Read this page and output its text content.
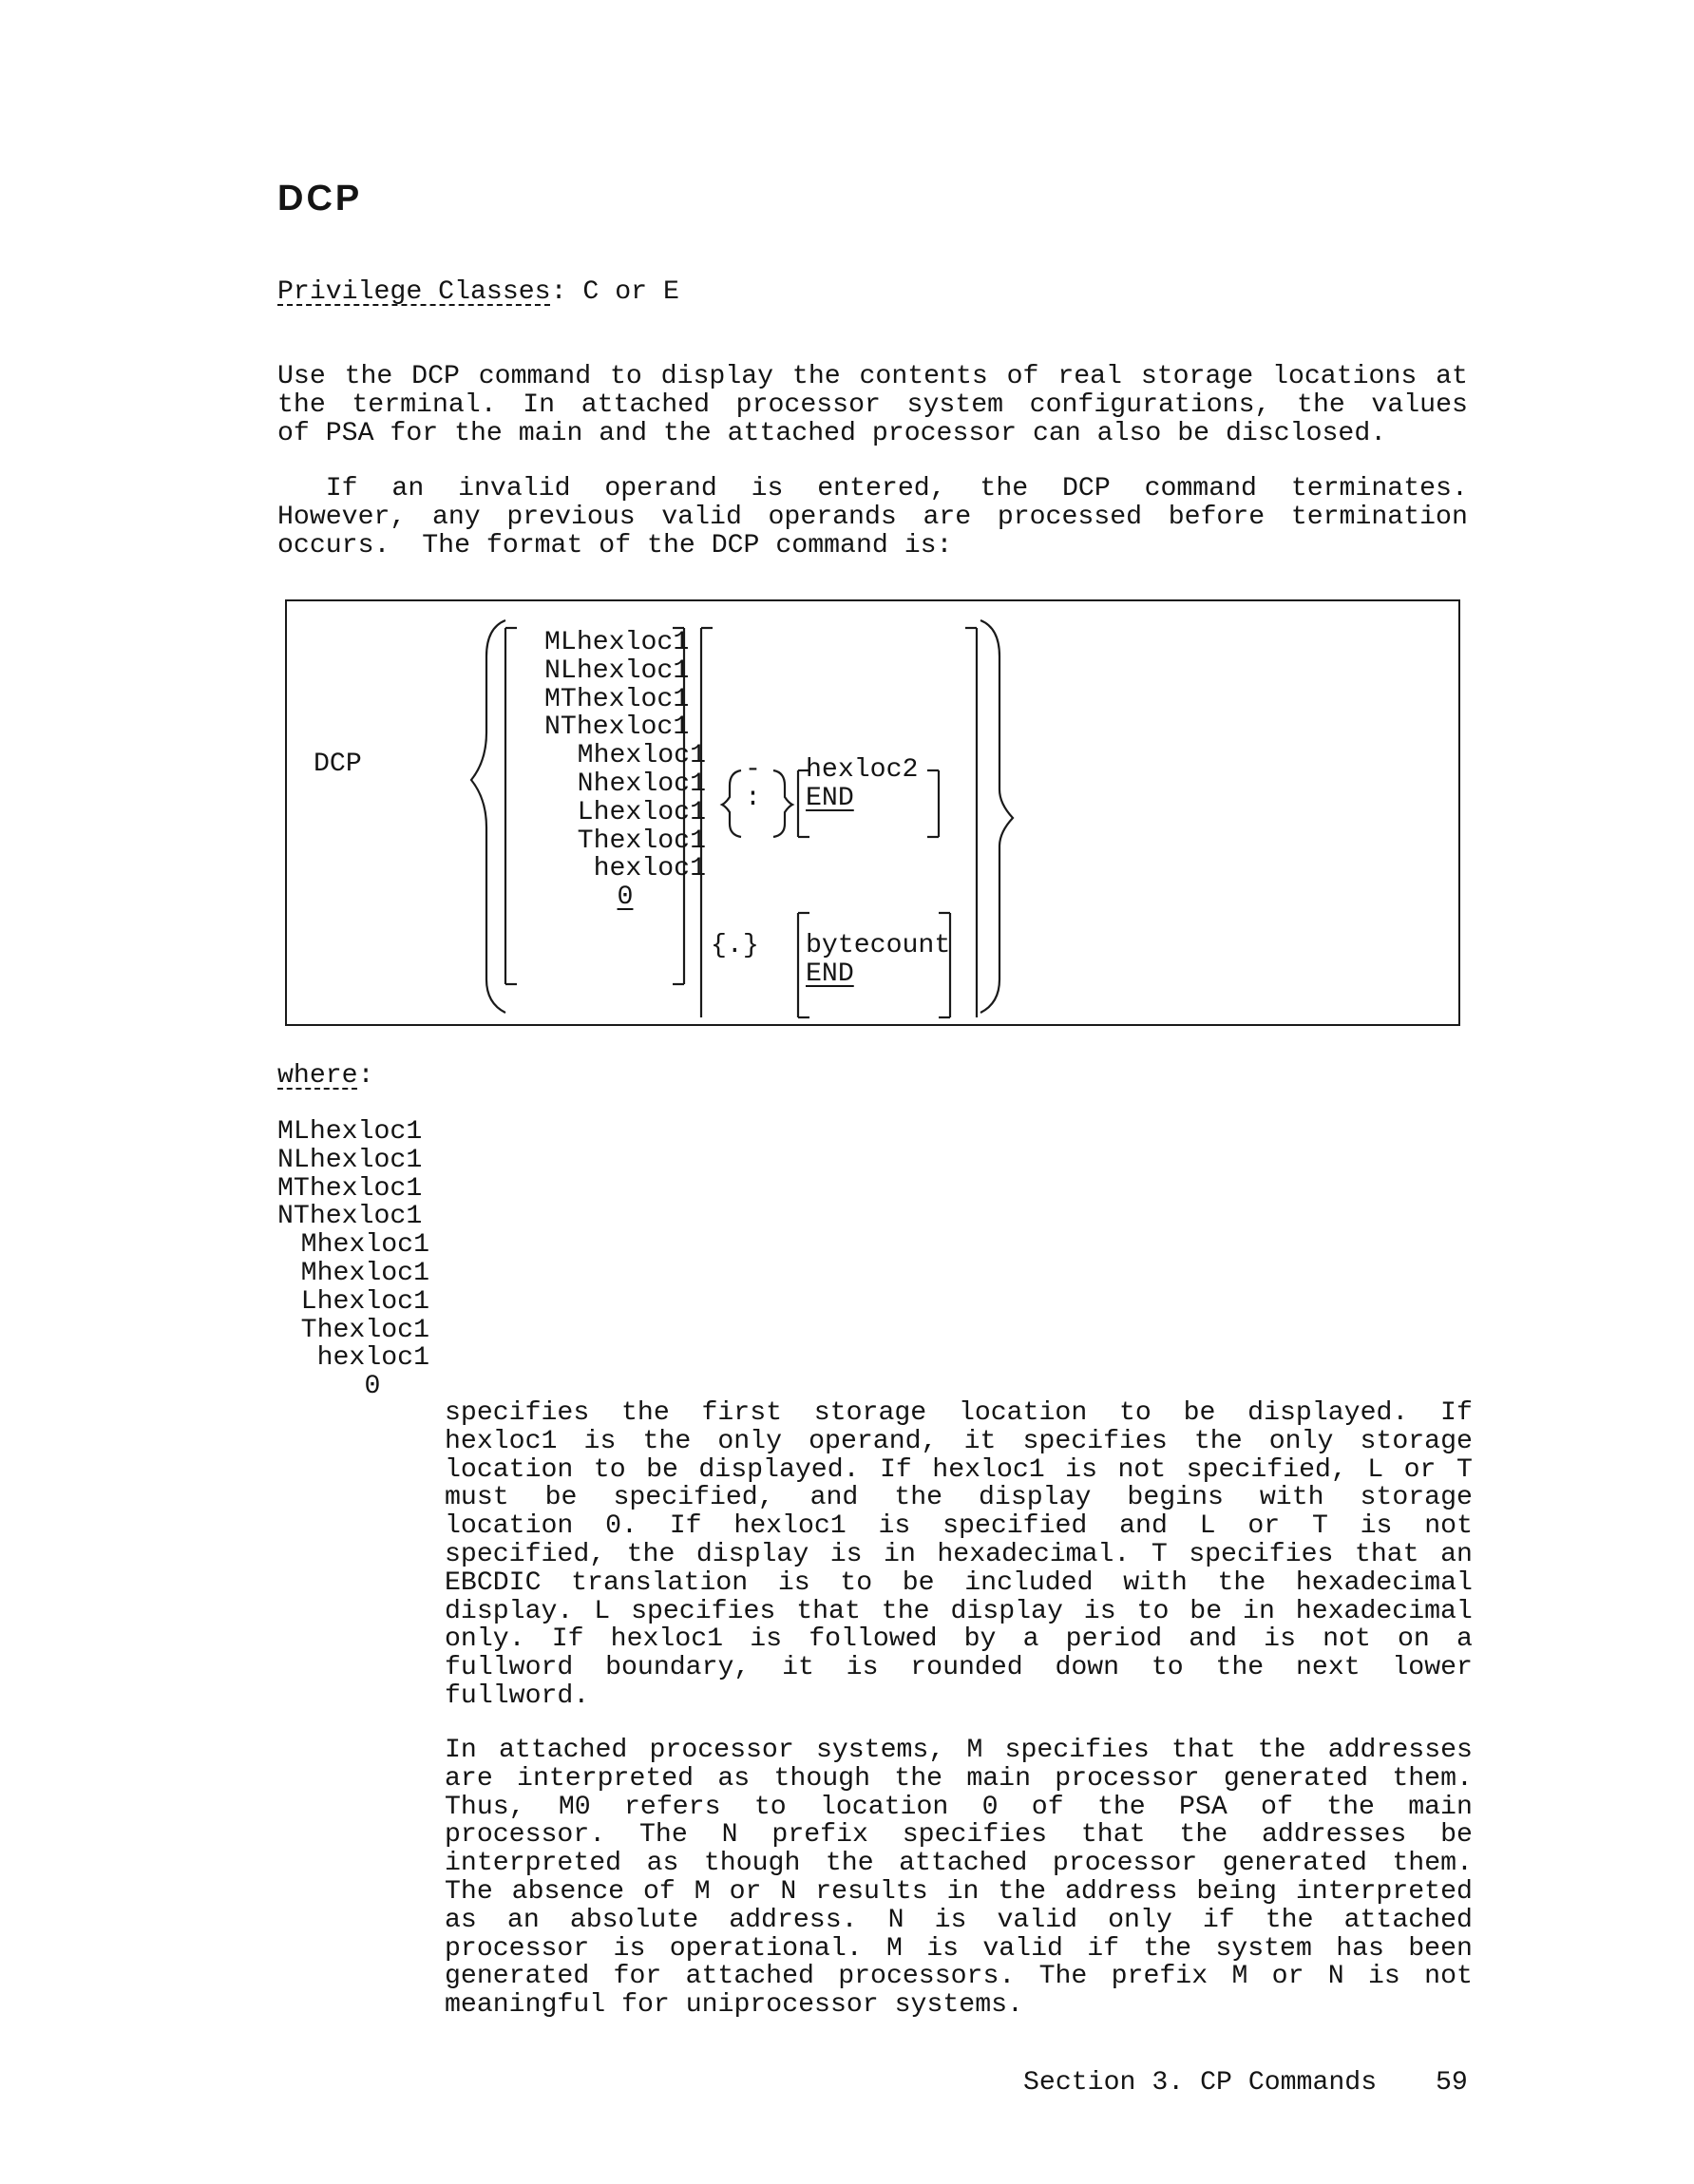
DCP
Privilege Classes: C or E
Use the DCP command to display the contents of real storage locations at
the terminal. In attached processor system configurations, the values
of PSA for the main and the attached processor can also be disclosed.
If an invalid operand is entered, the DCP command terminates.
However, any previous valid operands are processed before termination
occurs.  The format of the DCP command is:
DCP
MLhexloc1
NLhexloc1
MThexloc1
NThexloc1
Mhexloc1
Nhexloc1
Lhexloc1
Thexloc1
hexloc1
0
-
:
hexloc2
END
{.} bytecount
END
where:
MLhexloc1
NLhexloc1
MThexloc1
NThexloc1
Mhexloc1
Mhexloc1
Lhexloc1
Thexloc1
hexloc1
0
specifies the first storage location to be displayed. If
hexloc1 is the only operand, it specifies the only storage
location to be displayed. If hexloc1 is not specified, L or T
must be specified, and the display begins with storage
location 0. If hexloc1 is specified and L or T is not
specified, the display is in hexadecimal. T specifies that an
EBCDIC translation is to be included with the hexadecimal
display. L specifies that the display is to be in hexadecimal
only. If hexloc1 is followed by a period and is not on a
fullword boundary, it is rounded down to the next lower
fullword.
In attached processor systems, M specifies that the addresses
are interpreted as though the main processor generated them.
Thus, M0 refers to location 0 of the PSA of the main
processor. The N prefix specifies that the addresses be
interpreted as though the attached processor generated them.
The absence of M or N results in the address being interpreted
as an absolute address. N is valid only if the attached
processor is operational. M is valid if the system has been
generated for attached processors. The prefix M or N is not
meaningful for uniprocessor systems.
Section 3. CP Commands 59
